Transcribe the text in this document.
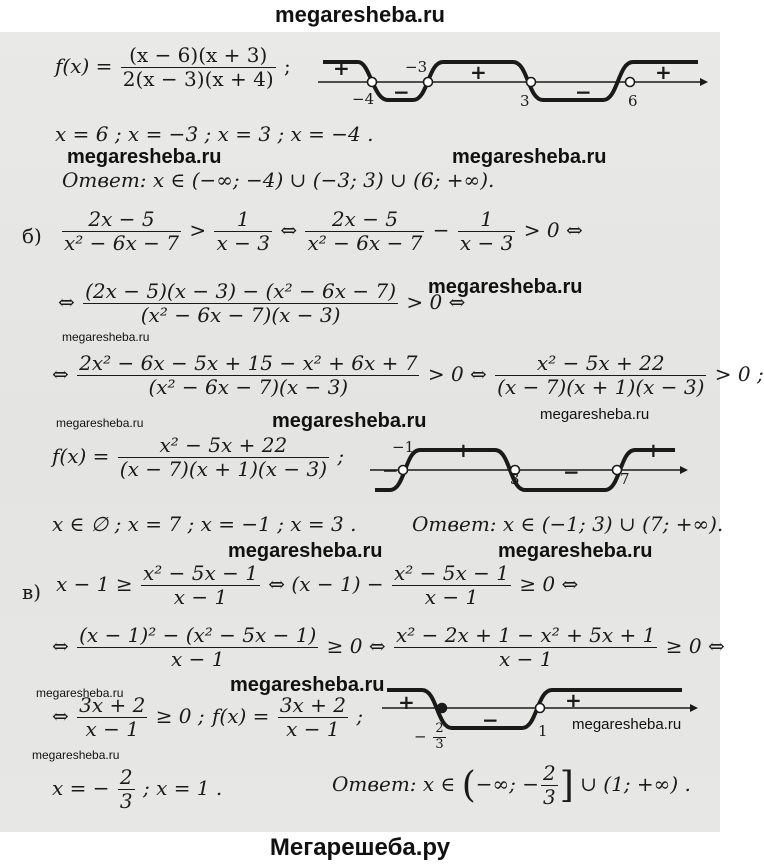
megaresheba.ru
$f(x) = \frac{(x - 6)(x + 3)}{2(x - 3)(x + 4)}$ ; +
−
+
−
+
−4
−3
3	6
x = 6 ; x = −3 ; x = 3 ; x = −4 .
megaresheba.ru	megaresheba.ru
Ответ: x ∈ (−∞; −4) ∪ (−3; 3) ∪ (6; +∞).
$б) \frac{2x - 5}{\text{x² − 6x − 7}} > \frac{1}{x - 3}$ ⇔ $\frac{2x - 5}{\text{x² − 6x − 7}} - \frac{1}{x - 3} > 0$ ⇔
megaresheba.ru
⇔ $\frac{\text{(2x − 5)(x − 3) − (x² − 6x − 7)}}{\text{(x² − 6x − 7)(x − 3)}} > 0$ ⇔
megaresheba.ru
⇔ $\frac{\text{2x² − 6x − 5x + 15 − x² + 6x + 7}}{\text{(x² − 6x − 7)(x − 3)}} > 0$ ⇔ $\frac{\text{x² − 5x + 22}}{(x - 7)(x + 1)(x - 3)} > 0$ ;
megaresheba.ru	megaresheba.ru	megaresheba.ru
$f(x) = \frac{\text{x² − 5x + 22}}{(x - 7)(x + 1)(x - 3)}$ ;
−
+
−
+
−1
3	7
x ∈ ∅ ; x = 7 ; x = −1 ; x = 3 .	Ответ: x ∈ (−1; 3) ∪ (7; +∞).
megaresheba.ru	megaresheba.ru
в) $x - 1 \ge \frac{\text{x² − 5x − 1}}{x - 1}$ ⇔ $(x - 1) - \frac{\text{x² − 5x − 1}}{x - 1} \ge 0$ ⇔
⇔ $\frac{\text{(x − 1)² − (x² − 5x − 1)}}{x - 1} \ge 0$ ⇔ $\frac{\text{x² − 2x + 1 − x² + 5x + 1}}{x - 1} \ge 0$ ⇔
megaresheba.ru	megaresheba.ru
⇔ $\frac{3x + 2}{x - 1} \ge 0$ ; $f(x) = \frac{3x + 2}{x - 1}$ ;
+
−
+
− $\frac{2}{3}$	1 megaresheba.ru
megaresheba.ru
x = − $\frac{2}{3}$ ; x = 1 .	Ответ: x ∈ (−∞; − $\frac{2}{3}$ ] ∪ (1; +∞) .
Мегарешеба.ру
